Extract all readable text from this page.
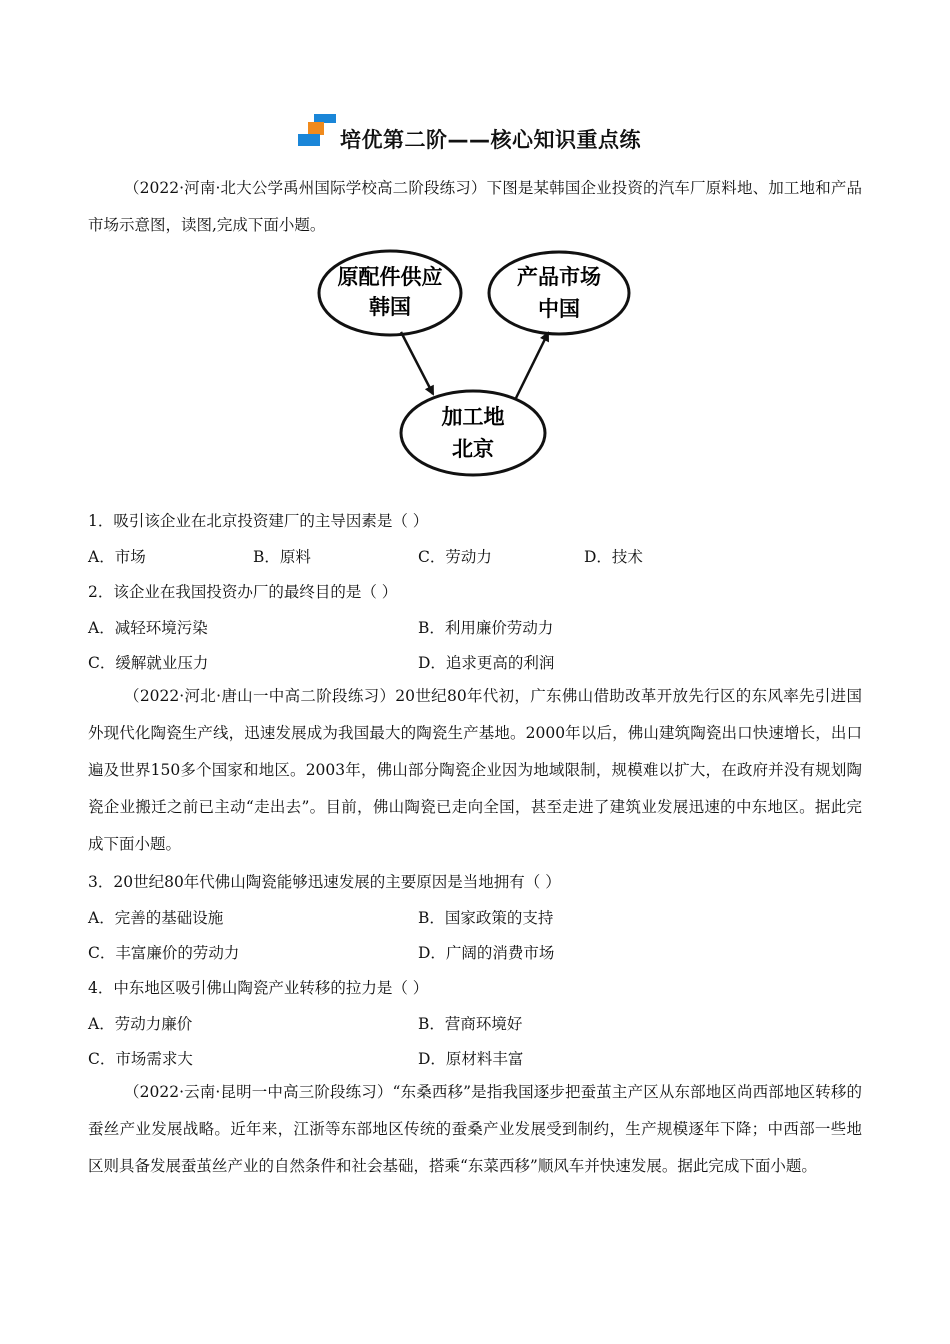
培优第二阶——核心知识重点练

（2022·河南·北大公学禹州国际学校高二阶段练习）下图是某韩国企业投资的汽车厂原料地、加工地和产品市场示意图，读图,完成下面小题。

原配件供应
韩国
产品市场
中国
加工地
北京
1．吸引该企业在北京投资建厂的主导因素是（ ）
A．市场	B．原料	C．劳动力	D．技术
2．该企业在我国投资办厂的最终目的是（ ）
A．减轻环境污染	B．利用廉价劳动力
C．缓解就业压力	D．追求更高的利润

（2022·河北·唐山一中高二阶段练习）20世纪80年代初，广东佛山借助改革开放先行区的东风率先引进国外现代化陶瓷生产线，迅速发展成为我国最大的陶瓷生产基地。2000年以后，佛山建筑陶瓷出口快速增长，出口遍及世界150多个国家和地区。2003年，佛山部分陶瓷企业因为地域限制，规模难以扩大，在政府并没有规划陶瓷企业搬迁之前已主动“走出去”。目前，佛山陶瓷已走向全国，甚至走进了建筑业发展迅速的中东地区。据此完成下面小题。

3．20世纪80年代佛山陶瓷能够迅速发展的主要原因是当地拥有（ ）
A．完善的基础设施	B．国家政策的支持
C．丰富廉价的劳动力	D．广阔的消费市场
4．中东地区吸引佛山陶瓷产业转移的拉力是（ ）
A．劳动力廉价	B．营商环境好
C．市场需求大	D．原材料丰富

（2022·云南·昆明一中高三阶段练习）“东桑西移”是指我国逐步把蚕茧主产区从东部地区尚西部地区转移的蚕丝产业发展战略。近年来，江浙等东部地区传统的蚕桑产业发展受到制约，生产规模逐年下降；中西部一些地区则具备发展蚕茧丝产业的自然条件和社会基础，搭乘“东菜西移”顺风车并快速发展。据此完成下面小题。
